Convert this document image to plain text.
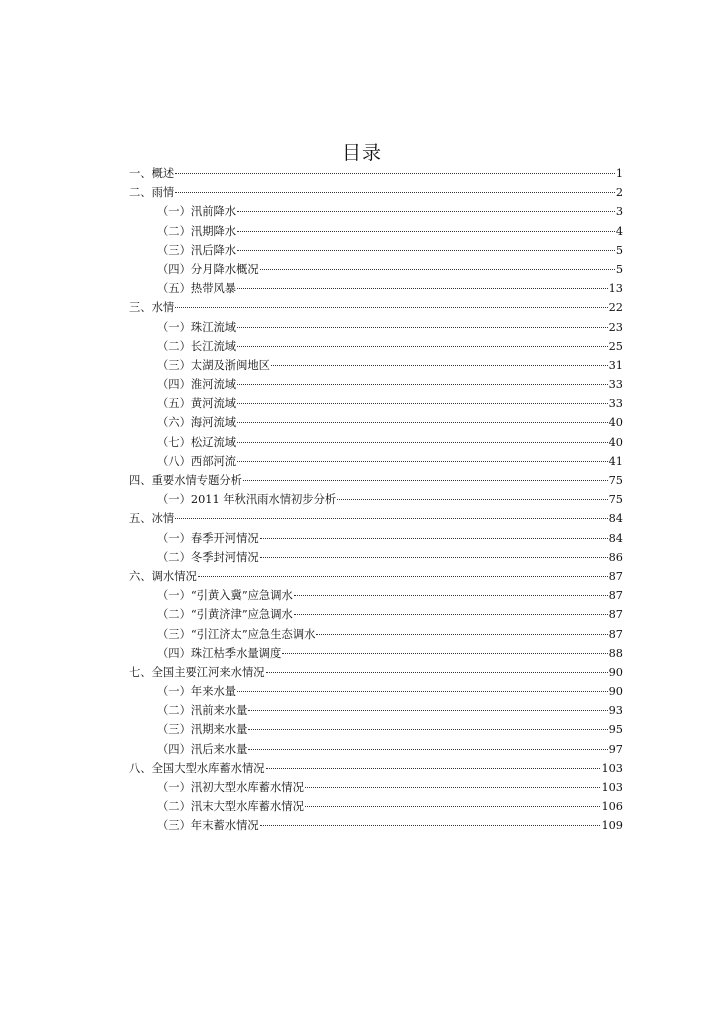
目录
一、概述	1
二、雨情	2
（一）汛前降水	3
（二）汛期降水	4
（三）汛后降水	5
（四）分月降水概况	5
（五）热带风暴	13
三、水情	22
（一）珠江流域	23
（二）长江流域	25
（三）太湖及浙闽地区	31
（四）淮河流域	33
（五）黄河流域	33
（六）海河流域	40
（七）松辽流域	40
（八）西部河流	41
四、重要水情专题分析	75
（一）2011 年秋汛雨水情初步分析	75
五、冰情	84
（一）春季开河情况	84
（二）冬季封河情况	86
六、调水情况	87
（一）“引黄入冀”应急调水	87
（二）“引黄济津”应急调水	87
（三）“引江济太”应急生态调水	87
（四）珠江枯季水量调度	88
七、全国主要江河来水情况	90
（一）年来水量	90
（二）汛前来水量	93
（三）汛期来水量	95
（四）汛后来水量	97
八、全国大型水库蓄水情况	103
（一）汛初大型水库蓄水情况	103
（二）汛末大型水库蓄水情况	106
（三）年末蓄水情况	109
